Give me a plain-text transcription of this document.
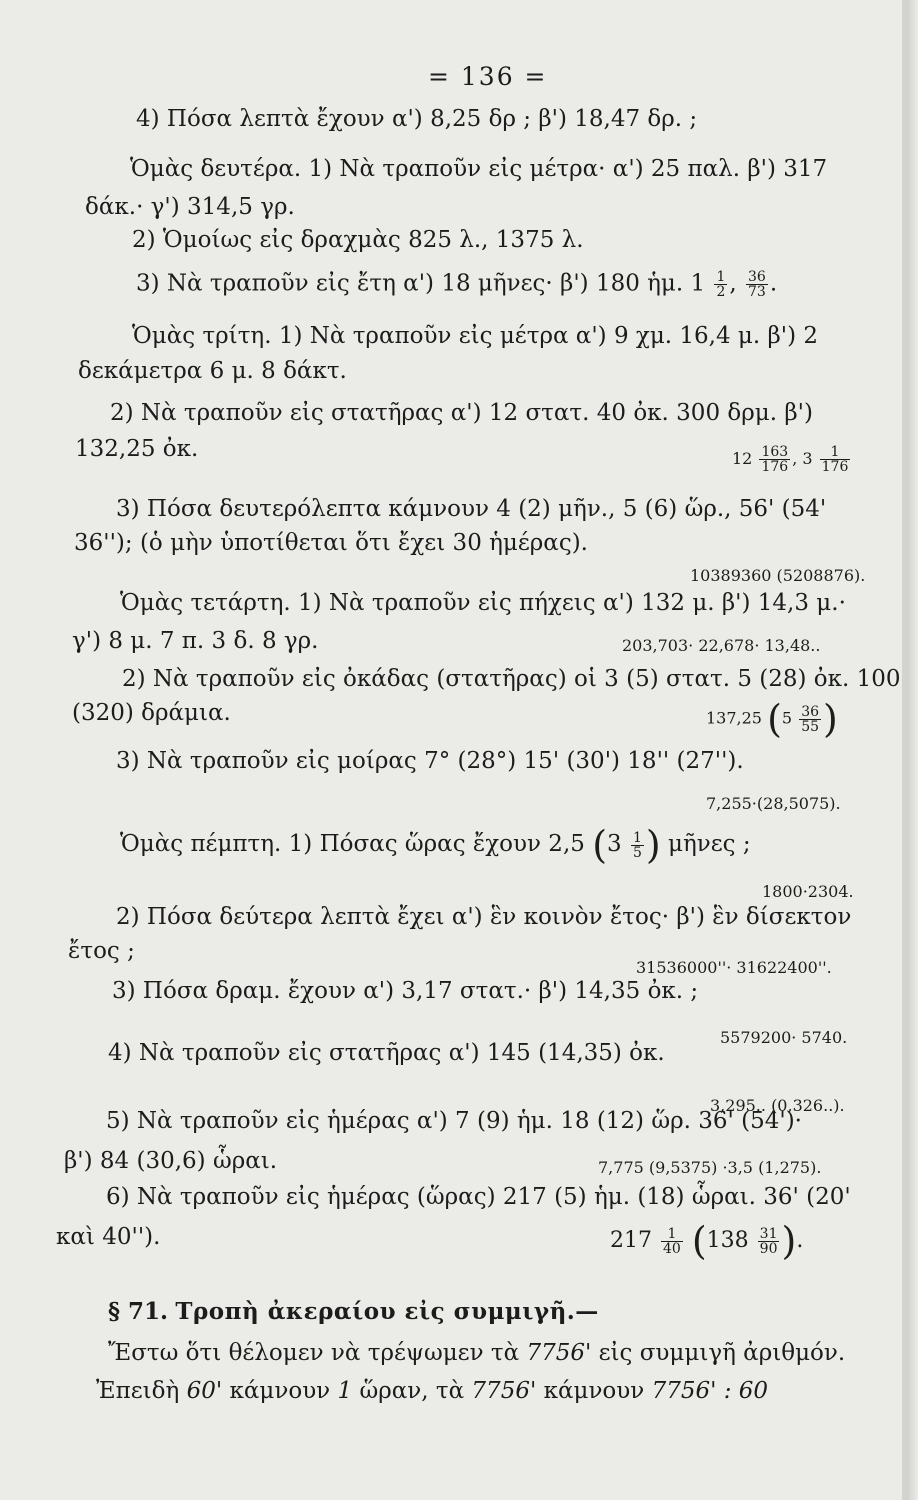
= 136 =
4) Πόσα λεπτὰ ἔχουν α') 8,25 δρ ; β') 18,47 δρ. ;
Ὁμὰς δευτέρα. 1) Νὰ τραποῦν εἰς μέτρα· α') 25 παλ. β') 317
δάκ.· γ') 314,5 γρ.
2) Ὁμοίως εἰς δραχμὰς 825 λ., 1375 λ.
3) Νὰ τραποῦν εἰς ἔτη α') 18 μῆνες· β') 180 ἡμ. $1 \frac{1}{2}$ , $\frac{36}{73}$ .
Ὁμὰς τρίτη. 1) Νὰ τραποῦν εἰς μέτρα α') 9 χμ. 16,4 μ. β') 2
δεκάμετρα 6 μ. 8 δάκτ.
2) Νὰ τραποῦν εἰς στατῆρας α') 12 στατ. 40 ὀκ. 300 δρμ. β')
132,25 ὀκ.	$12 \frac{163}{176}$ , $3 \frac{1}{176}$
3) Πόσα δευτερόλεπτα κάμνουν 4 (2) μῆν., 5 (6) ὥρ., 56' (54'
36''); (ὁ μὴν ὑποτίθεται ὅτι ἔχει 30 ἡμέρας).
10389360 (5208876).
Ὁμὰς τετάρτη. 1) Νὰ τραποῦν εἰς πήχεις α') 132 μ. β') 14,3 μ.·
γ') 8 μ. 7 π. 3 δ. 8 γρ.	203,703· 22,678· 13,48..
2) Νὰ τραποῦν εἰς ὀκάδας (στατῆρας) οἱ 3 (5) στατ. 5 (28) ὀκ. 100
(320) δράμια.	137,25 ($5 \frac{36}{55}$ )
3) Νὰ τραποῦν εἰς μοίρας 7° (28°) 15' (30') 18'' (27'').
7,255·(28,5075).
Ὁμὰς πέμπτη. 1) Πόσας ὥρας ἔχουν 2,5 ($3 \frac{1}{5}$ ) μῆνες ;
1800·2304.
2) Πόσα δεύτερα λεπτὰ ἔχει α') ἓν κοινὸν ἔτος· β') ἓν δίσεκτον
ἔτος ;
31536000''· 31622400''.
3) Πόσα δραμ. ἔχουν α') 3,17 στατ.· β') 14,35 ὀκ. ;
5579200· 5740.
4) Νὰ τραποῦν εἰς στατῆρας α') 145 (14,35) ὀκ.
3,295.. (0,326..).
5) Νὰ τραποῦν εἰς ἡμέρας α') 7 (9) ἡμ. 18 (12) ὥρ. 36' (54')·
β') 84 (30,6) ὧραι.	7,775 (9,5375) ·3,5 (1,275).
6) Νὰ τραποῦν εἰς ἡμέρας (ὥρας) 217 (5) ἡμ. (18) ὧραι. 36' (20'
καὶ 40'').	$217 \frac{1}{40} (138 \frac{31}{90}$ ).
§ 71. Τροπὴ ἀκεραίου εἰς συμμιγῆ.—
Ἔστω ὅτι θέλομεν νὰ τρέψωμεν τὰ 7756' εἰς συμμιγῆ ἀριθμόν.
Ἐπειδὴ 60' κάμνουν 1 ὥραν, τὰ 7756' κάμνουν 7756' : 60
